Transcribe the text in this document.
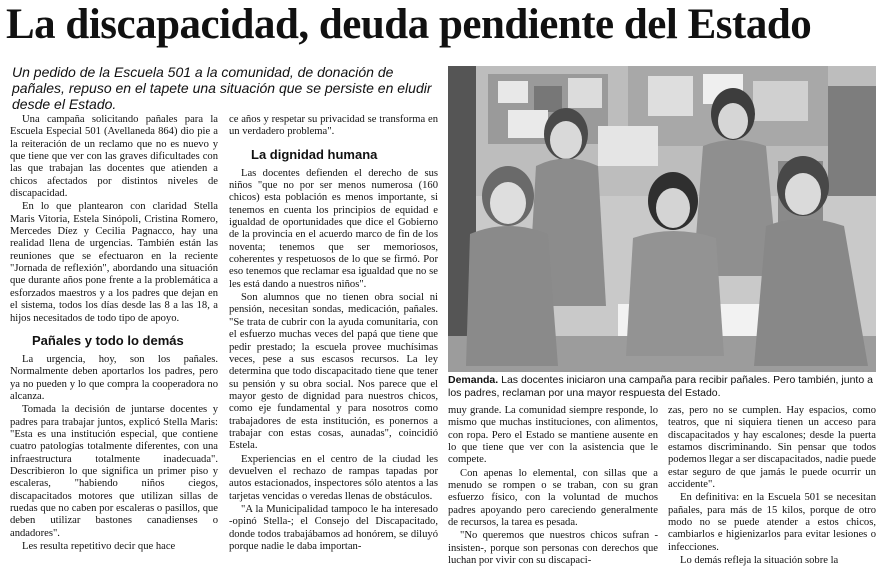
La discapacidad, deuda pendiente del Estado
Un pedido de la Escuela 501 a la comunidad, de donación de pañales, repuso en el tapete una situación que se persiste en eludir desde el Estado.

Una campaña solicitando pañales para la Escuela Especial 501 (Avellaneda 864) dio pie a la reiteración de un reclamo que no es nuevo y que tiene que ver con las graves dificultades con las que trabajan las docentes que atienden a chicos afectados por distintos niveles de discapacidad.

En lo que plantearon con claridad Stella Maris Vitoria, Estela Sinópoli, Cristina Romero, Mercedes Díez y Cecilia Pagnacco, hay una realidad llena de urgencias. También están las reuniones que se efectuaron en la reciente "Jornada de reflexión", abordando una situación que durante años pone frente a la problemática a esforzados maestros y a los padres que dejan en el sistema, todos los días desde las 8 a las 18, a hijos necesitados de todo tipo de apoyo.

Pañales y todo lo demás

La urgencia, hoy, son los pañales. Normalmente deben aportarlos los padres, pero ya no pueden y lo que compra la cooperadora no alcanza.

Tomada la decisión de juntarse docentes y padres para trabajar juntos, explicó Stella Maris: "Esta es una institución especial, que contiene cuatro patologías totalmente diferentes, con una infraestructura totalmente inadecuada". Describieron lo que significa un primer piso y escaleras, "habiendo niños ciegos, discapacitados motores que utilizan sillas de ruedas que no caben por escaleras o pasillos, que deben utilizar bastones canadienses o andadores".

Les resulta repetitivo decir que hace

ce años y respetar su privacidad se transforma en un verdadero problema".

La dignidad humana

Las docentes defienden el derecho de sus niños "que no por ser menos numerosa (160 chicos) esta población es menos importante, si tenemos en cuenta los principios de equidad e igualdad de oportunidades que dice el Gobierno de la provincia en el acuerdo marco de fin de los noventa; tenemos que ser memoriosos, coherentes y respetuosos de lo que se firmó. Por eso tenemos que reclamar esa igualdad que no se les está dando a nuestros niños".

Son alumnos que no tienen obra social ni pensión, necesitan sondas, medicación, pañales. "Se trata de cubrir con la ayuda comunitaria, con el esfuerzo muchas veces del papá que tiene que pedir prestado; la escuela provee muchísimas veces, pese a sus escasos recursos. La ley determina que todo discapacitado tiene que tener su pensión y su obra social. Nos parece que el mayor gesto de dignidad para nuestros chicos, como eje fundamental y para nosotros como trabajadores de esta institución, es ponernos a trabajar con estas cosas, aunadas", coincidió Estela.

Experiencias en el centro de la ciudad les devuelven el rechazo de rampas tapadas por autos estacionados, inspectores sólo atentos a las tarjetas vencidas o veredas llenas de obstáculos.

"A la Municipalidad tampoco le ha interesado -opinó Stella-; el Consejo del Discapacitado, donde todos trabajábamos ad honórem, se diluyó porque nadie le daba importan-

Demanda. Las docentes iniciaron una campaña para recibir pañales. Pero también, junto a los padres, reclaman por una mayor respuesta del Estado.

muy grande. La comunidad siempre responde, lo mismo que muchas instituciones, con alimentos, con ropa. Pero el Estado se mantiene ausente en lo que tiene que ver con la asistencia que le compete.

Con apenas lo elemental, con sillas que a menudo se rompen o se traban, con su gran esfuerzo físico, con la voluntad de muchos padres apoyando pero careciendo generalmente de recursos, la tarea es pesada.

"No queremos que nuestros chicos sufran -insisten-, porque son personas con derechos que luchan por vivir con su discapaci-

zas, pero no se cumplen. Hay espacios, como teatros, que ni siquiera tienen un acceso para discapacitados y hay escalones; desde la puerta estamos discriminando. Sin pensar que todos podemos llegar a ser discapacitados, nadie puede estar seguro de que jamás le puede ocurrir un accidente".

En definitiva: en la Escuela 501 se necesitan pañales, para más de 15 kilos, porque de otro modo no se puede atender a estos chicos, cambiarlos e higienizarlos para evitar lesiones o infecciones.

Lo demás refleja la situación sobre la
